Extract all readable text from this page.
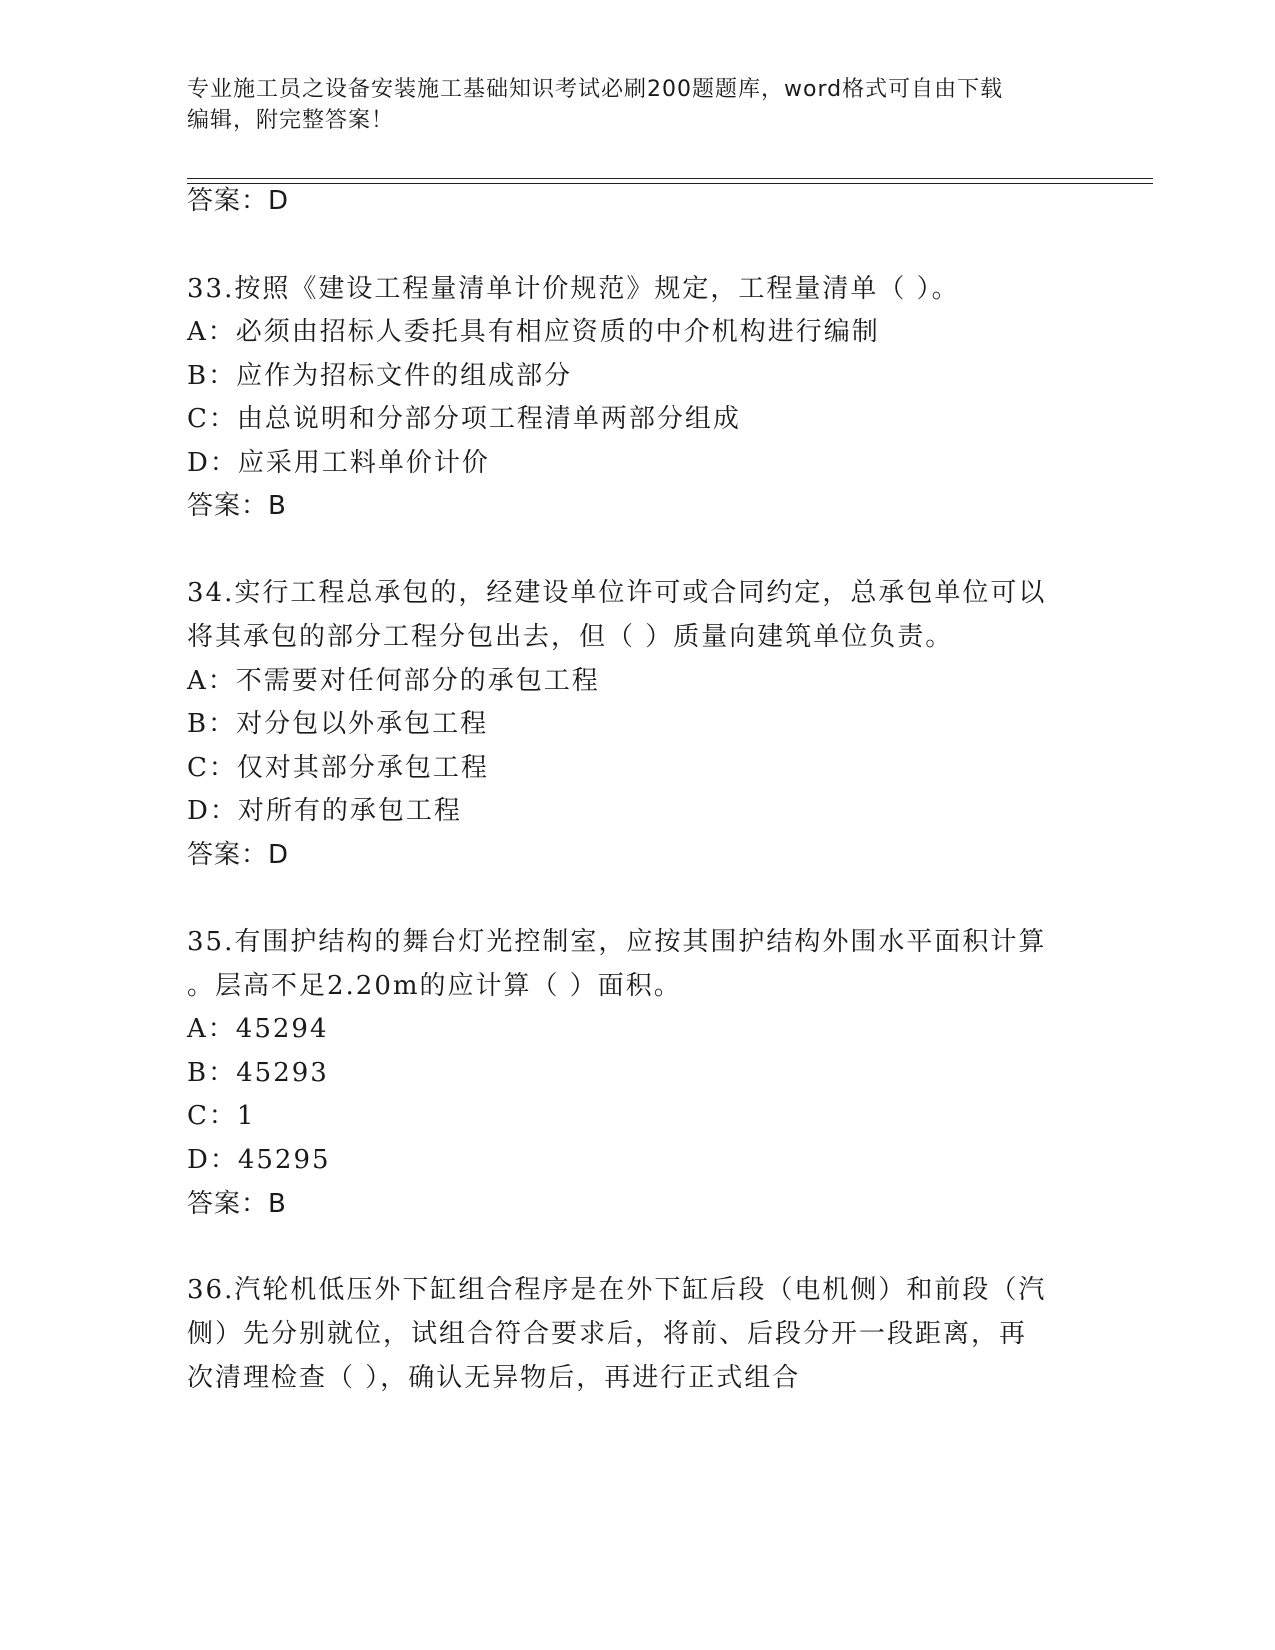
专业施工员之设备安装施工基础知识考试必刷200题题库，word格式可自由下载
编辑，附完整答案！
答案：D
33.按照《建设工程量清单计价规范》规定，工程量清单（ ）。
A：必须由招标人委托具有相应资质的中介机构进行编制
B：应作为招标文件的组成部分
C：由总说明和分部分项工程清单两部分组成
D：应采用工料单价计价
答案：B
34.实行工程总承包的，经建设单位许可或合同约定，总承包单位可以
将其承包的部分工程分包出去，但（ ）质量向建筑单位负责。
A：不需要对任何部分的承包工程
B：对分包以外承包工程
C：仅对其部分承包工程
D：对所有的承包工程
答案：D
35.有围护结构的舞台灯光控制室，应按其围护结构外围水平面积计算
。层高不足2.20m的应计算（ ）面积。
A：45294
B：45293
C：1
D：45295
答案：B
36.汽轮机低压外下缸组合程序是在外下缸后段（电机侧）和前段（汽
侧）先分别就位，试组合符合要求后，将前、后段分开一段距离，再
次清理检查（ ），确认无异物后，再进行正式组合
